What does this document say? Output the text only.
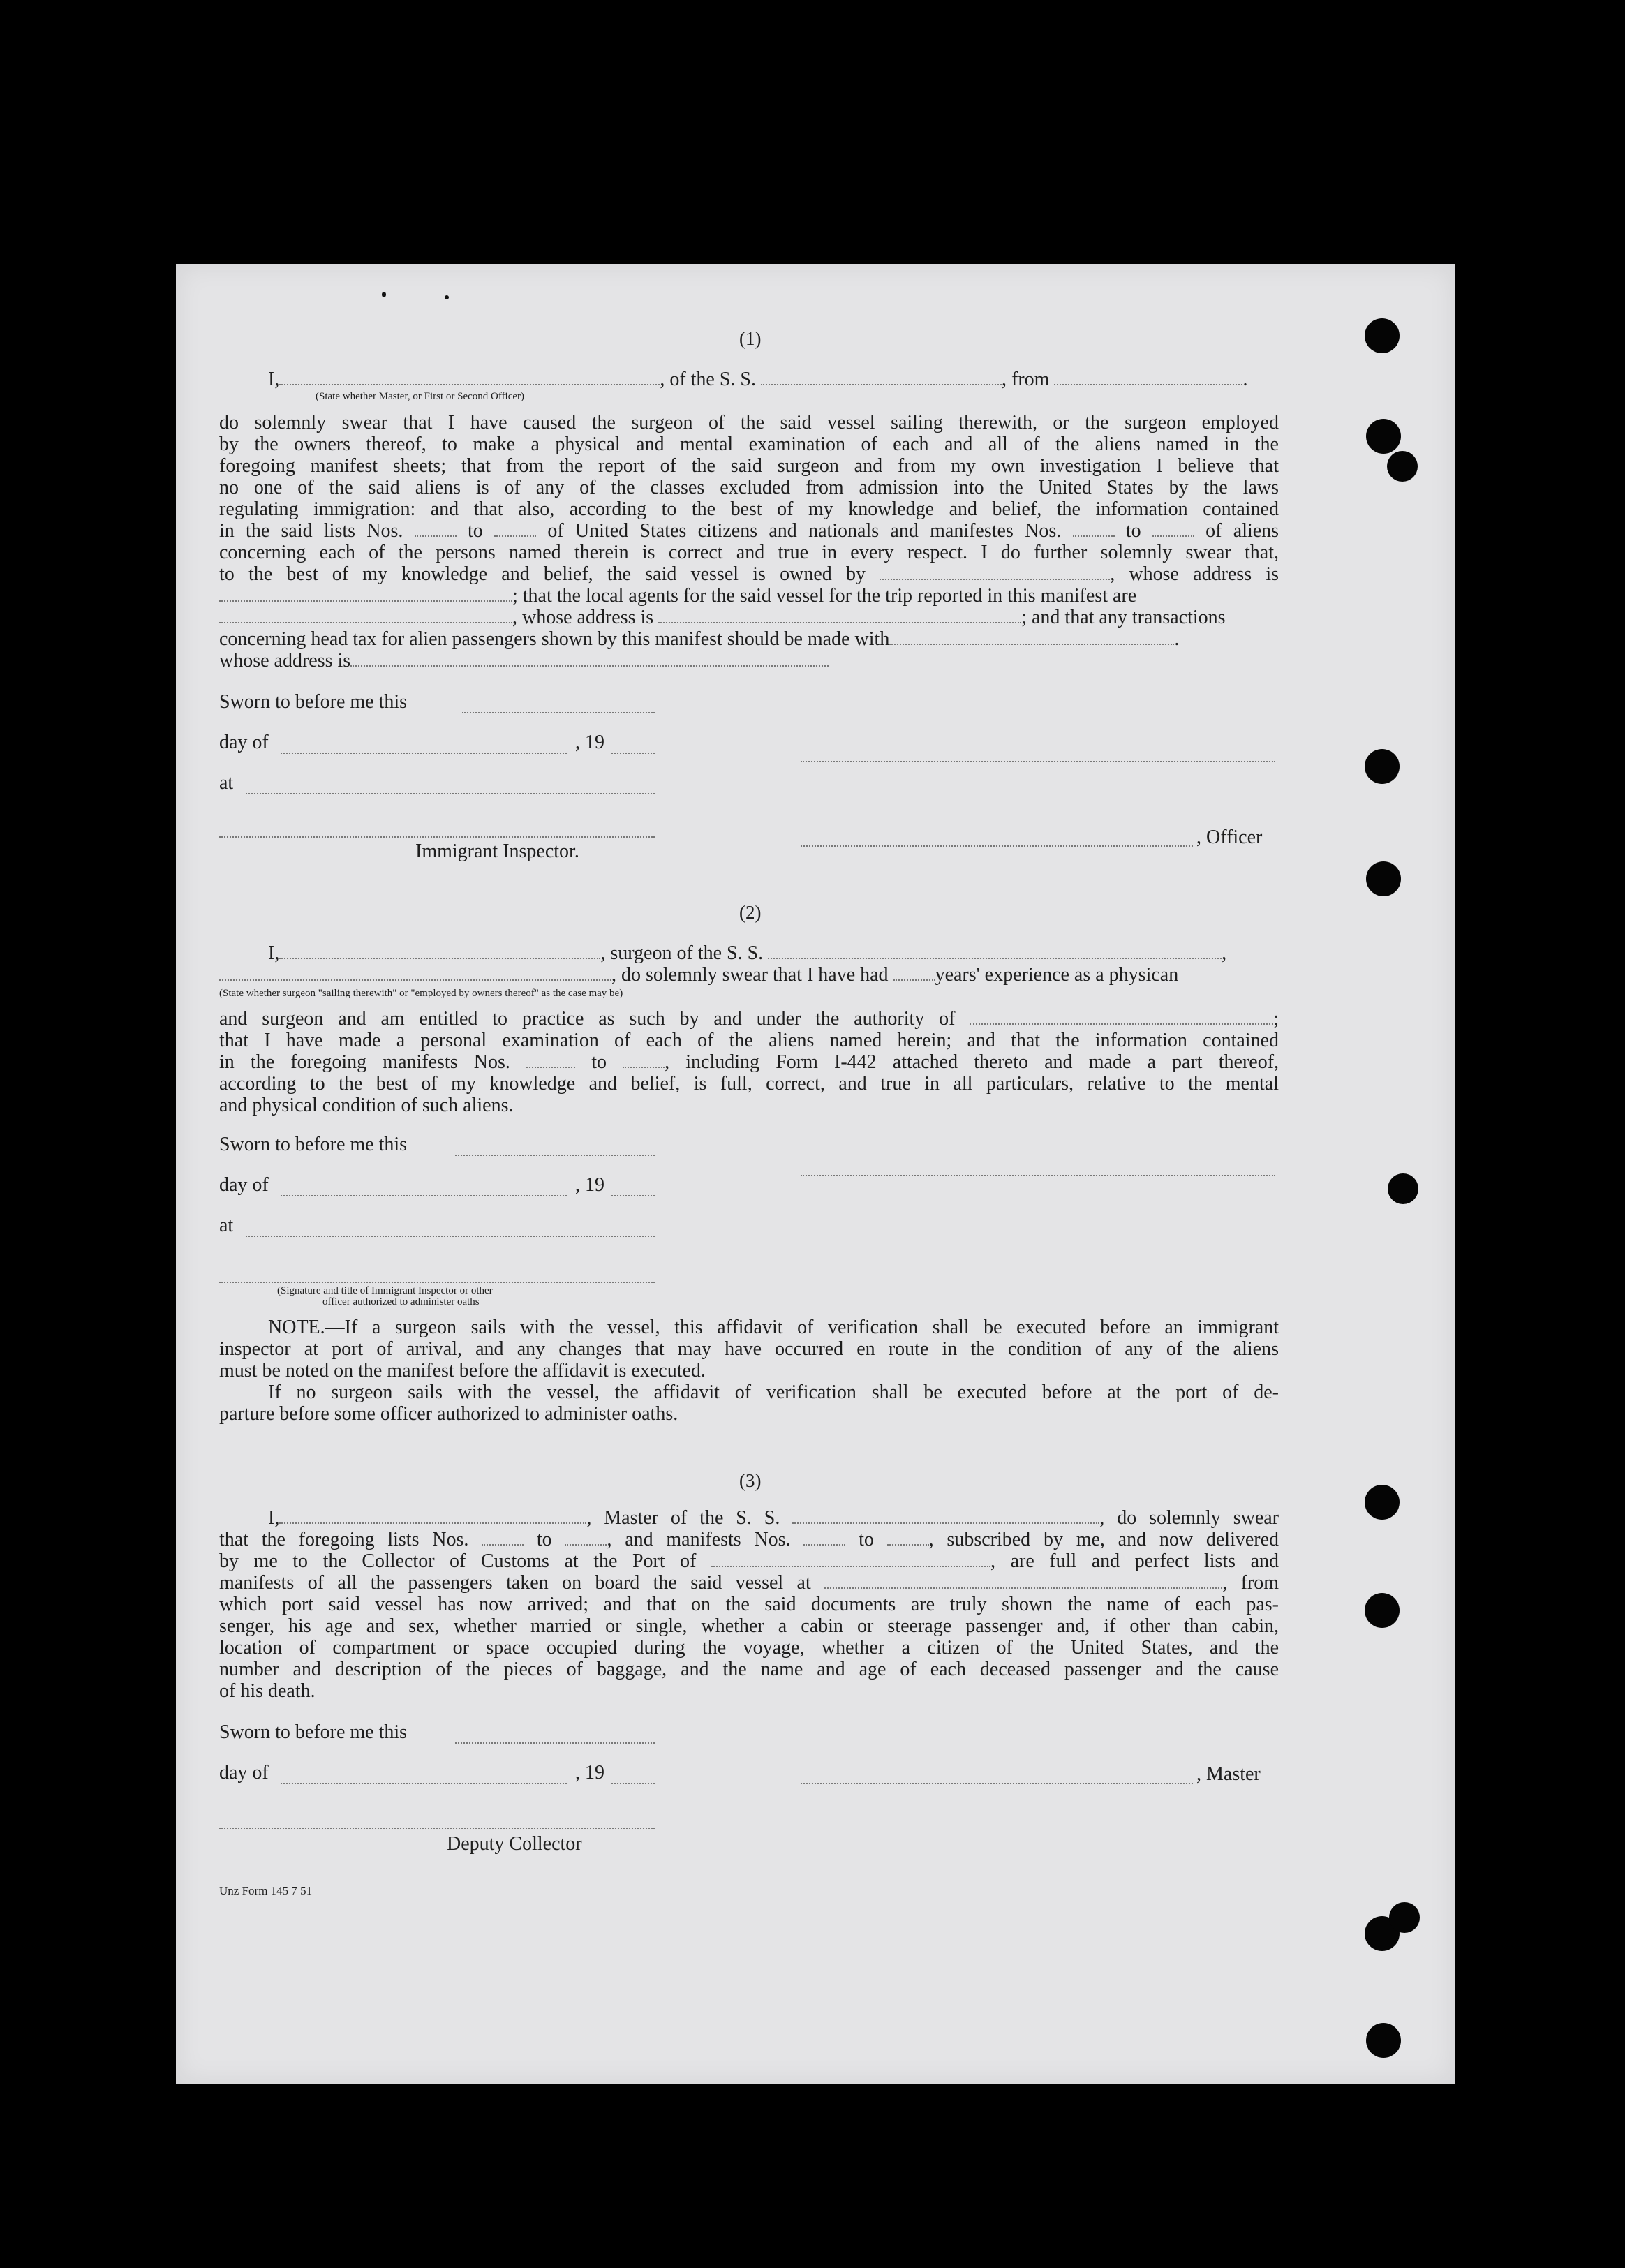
(1)
I,	, of the S. S.	, from	.
(State whether Master, or First or Second Officer)
do solemnly swear that I have caused the surgeon of the said vessel sailing therewith, or the surgeon employed
by the owners thereof, to make a physical and mental examination of each and all of the aliens named in the
foregoing manifest sheets; that from the report of the said surgeon and from my own investigation I believe that
no one of the said aliens is of any of the classes excluded from admission into the United States by the laws
regulating immigration: and that also, according to the best of my knowledge and belief, the information contained
in the said lists Nos.	to	of United States citizens and nationals and manifestes Nos.	to	of aliens
concerning each of the persons named therein is correct and true in every respect. I do further solemnly swear that,
to the best of my knowledge and belief, the said vessel is owned by	, whose address is
; that the local agents for the said vessel for the trip reported in this manifest are
, whose address is	; and that any transactions
concerning head tax for alien passengers shown by this manifest should be made with	.
whose address is
Sworn to before me this
day of	, 19
at
, Officer
Immigrant Inspector.
(2)
I,	, surgeon of the S. S.	,
, do solemnly swear that I have had years' experience as a physican
(State whether surgeon "sailing therewith" or "employed by owners thereof" as the case may be)
and surgeon and am entitled to practice as such by and under the authority of	;
that I have made a personal examination of each of the aliens named herein; and that the information contained
in the foregoing manifests Nos.	to	, including Form I-442 attached thereto and made a part thereof,
according to the best of my knowledge and belief, is full, correct, and true in all particulars, relative to the mental
and physical condition of such aliens.
Sworn to before me this
day of	, 19
at
(Signature and title of Immigrant Inspector or other
officer authorized to administer oaths
NOTE.—If a surgeon sails with the vessel, this affidavit of verification shall be executed before an immigrant
inspector at port of arrival, and any changes that may have occurred en route in the condition of any of the aliens
must be noted on the manifest before the affidavit is executed.
If no surgeon sails with the vessel, the affidavit of verification shall be executed before at the port of de-
parture before some officer authorized to administer oaths.
(3)
I,	, Master of the S. S.	, do solemnly swear
that the foregoing lists Nos.	to	, and manifests Nos.	to	, subscribed by me, and now delivered
by me to the Collector of Customs at the Port of	, are full and perfect lists and
manifests of all the passengers taken on board the said vessel at	, from
which port said vessel has now arrived; and that on the said documents are truly shown the name of each pas-
senger, his age and sex, whether married or single, whether a cabin or steerage passenger and, if other than cabin,
location of compartment or space occupied during the voyage, whether a citizen of the United States, and the
number and description of the pieces of baggage, and the name and age of each deceased passenger and the cause
of his death.
Sworn to before me this
day of	, 19	, Master
Deputy Collector
Unz Form 145 7 51
